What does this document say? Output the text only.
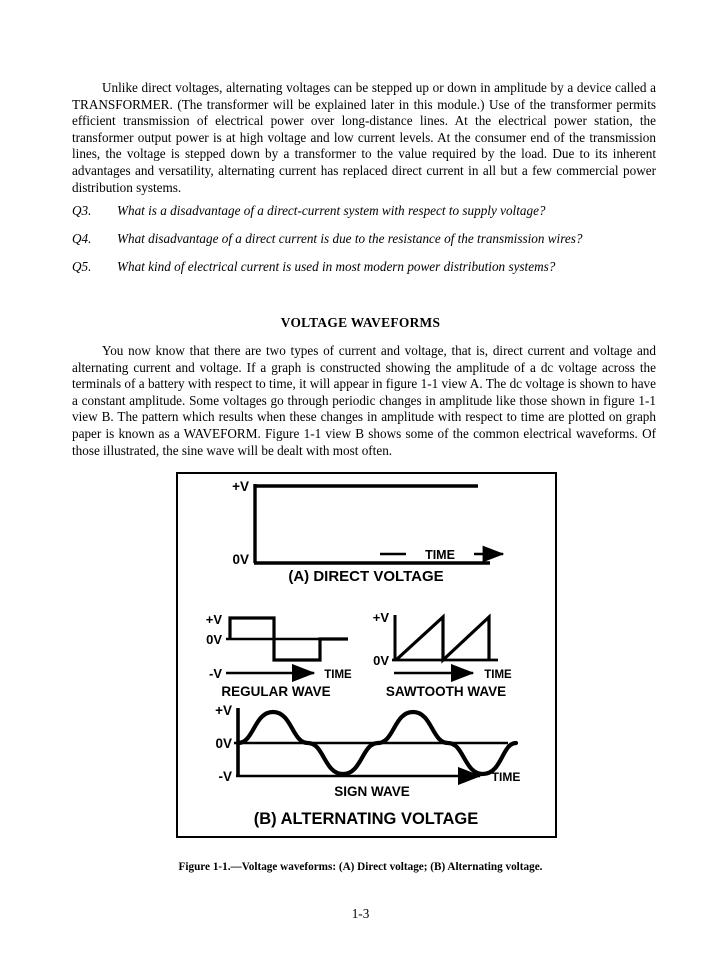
Unlike direct voltages, alternating voltages can be stepped up or down in amplitude by a device called a TRANSFORMER. (The transformer will be explained later in this module.) Use of the transformer permits efficient transmission of electrical power over long-distance lines. At the electrical power station, the transformer output power is at high voltage and low current levels. At the consumer end of the transmission lines, the voltage is stepped down by a transformer to the value required by the load. Due to its inherent advantages and versatility, alternating current has replaced direct current in all but a few commercial power distribution systems.
Q3.	What is a disadvantage of a direct-current system with respect to supply voltage?
Q4.	What disadvantage of a direct current is due to the resistance of the transmission wires?
Q5.	What kind of electrical current is used in most modern power distribution systems?
VOLTAGE WAVEFORMS
You now know that there are two types of current and voltage, that is, direct current and voltage and alternating current and voltage. If a graph is constructed showing the amplitude of a dc voltage across the terminals of a battery with respect to time, it will appear in figure 1-1 view A. The dc voltage is shown to have a constant amplitude. Some voltages go through periodic changes in amplitude like those shown in figure 1-1 view B. The pattern which results when these changes in amplitude with respect to time are plotted on graph paper is known as a WAVEFORM. Figure 1-1 view B shows some of the common electrical waveforms. Of those illustrated, the sine wave will be dealt with most often.
+V
0V	TIME
(A) DIRECT VOLTAGE
+V
0V
-V	TIME
REGULAR WAVE
+V
0V
TIME
SAWTOOTH WAVE
+V
0V
-V	TIME
SIGN WAVE
(B) ALTERNATING VOLTAGE
Figure 1-1.—Voltage waveforms: (A) Direct voltage; (B) Alternating voltage.
1-3
